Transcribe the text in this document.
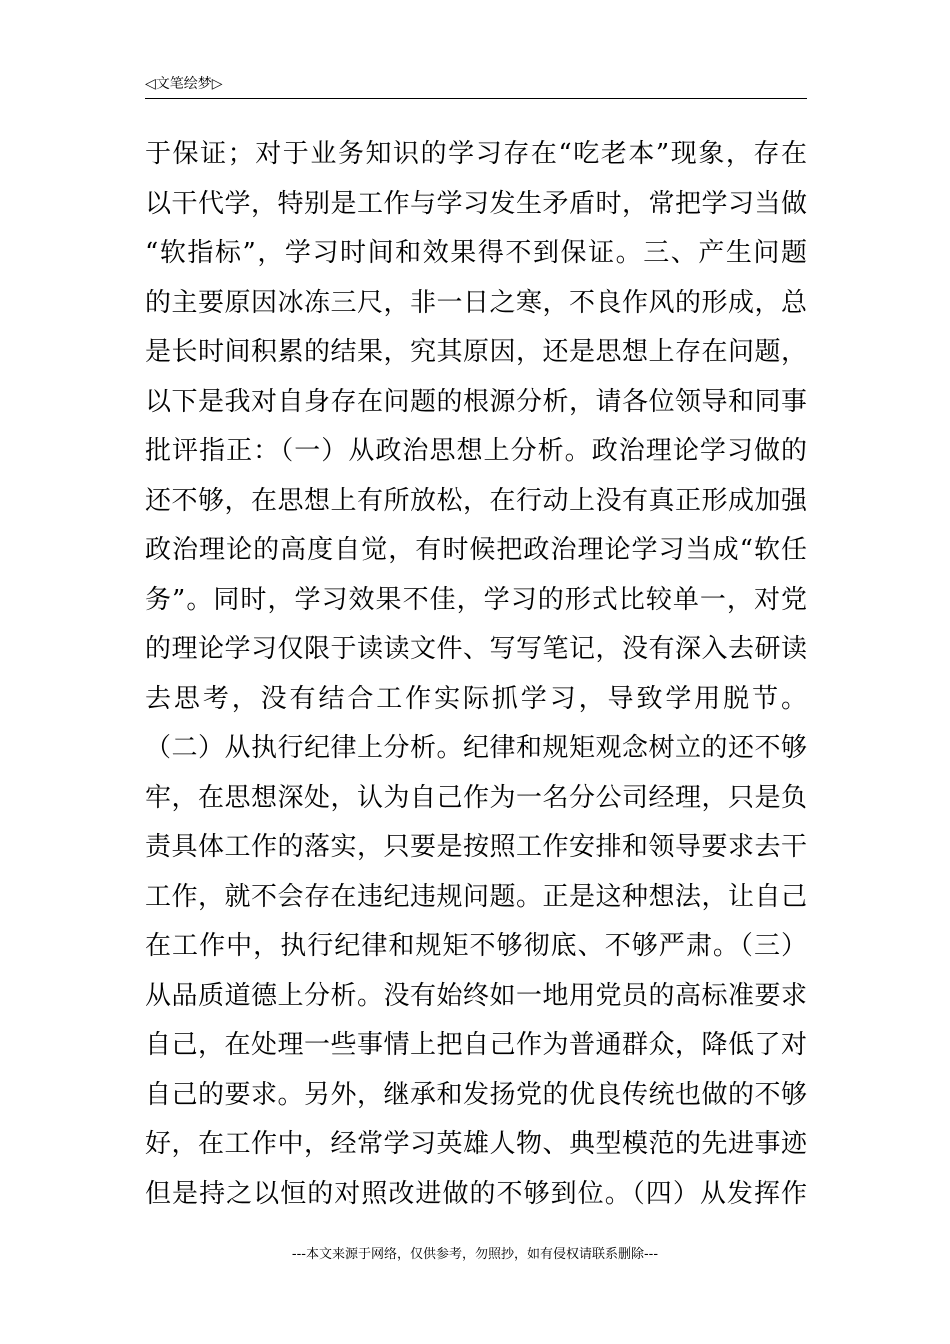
◁文笔绘梦▷
于保证；对于业务知识的学习存在“吃老本”现象，存在
以干代学，特别是工作与学习发生矛盾时，常把学习当做
“软指标”，学习时间和效果得不到保证。三、产生问题
的主要原因冰冻三尺，非一日之寒，不良作风的形成，总
是长时间积累的结果，究其原因，还是思想上存在问题，
以下是我对自身存在问题的根源分析，请各位领导和同事
批评指正：（一）从政治思想上分析。政治理论学习做的
还不够，在思想上有所放松，在行动上没有真正形成加强
政治理论的高度自觉，有时候把政治理论学习当成“软任
务”。同时，学习效果不佳，学习的形式比较单一，对党
的理论学习仅限于读读文件、写写笔记，没有深入去研读
去思考，没有结合工作实际抓学习，导致学用脱节。
（二）从执行纪律上分析。纪律和规矩观念树立的还不够
牢，在思想深处，认为自己作为一名分公司经理，只是负
责具体工作的落实，只要是按照工作安排和领导要求去干
工作，就不会存在违纪违规问题。正是这种想法，让自己
在工作中，执行纪律和规矩不够彻底、不够严肃。（三）
从品质道德上分析。没有始终如一地用党员的高标准要求
自己，在处理一些事情上把自己作为普通群众，降低了对
自己的要求。另外，继承和发扬党的优良传统也做的不够
好，在工作中，经常学习英雄人物、典型模范的先进事迹
但是持之以恒的对照改进做的不够到位。（四）从发挥作
---本文来源于网络，仅供参考，勿照抄，如有侵权请联系删除---
